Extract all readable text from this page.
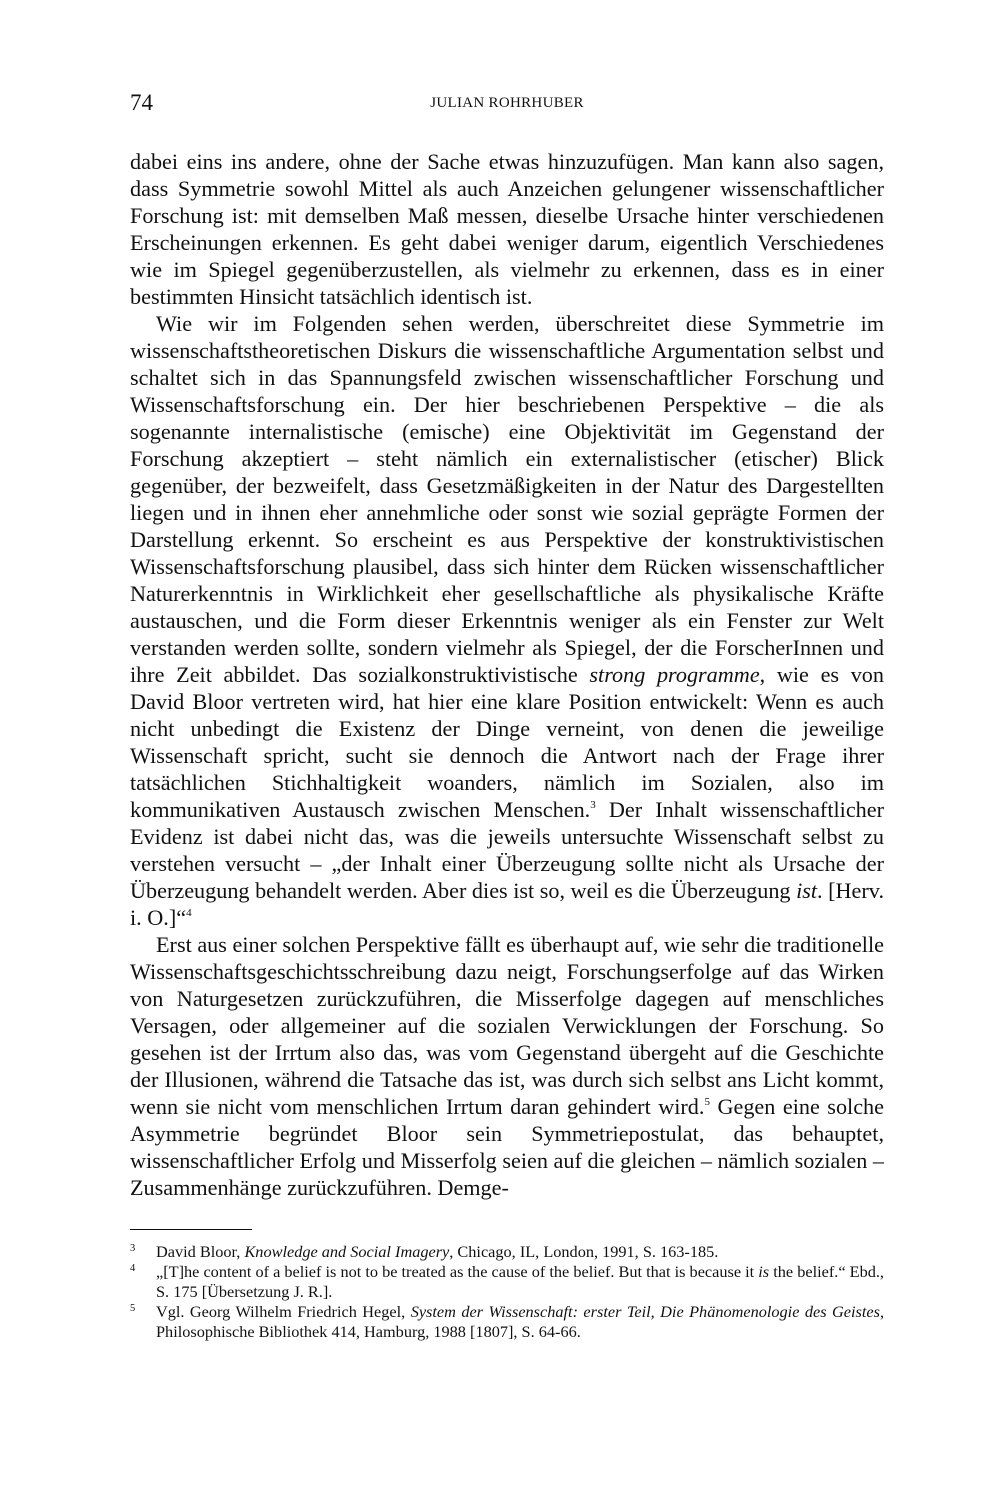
74	JULIAN ROHRHUBER

dabei eins ins andere, ohne der Sache etwas hinzuzufügen. Man kann also sagen, dass Symmetrie sowohl Mittel als auch Anzeichen gelungener wissenschaftlicher Forschung ist: mit demselben Maß messen, dieselbe Ursache hinter verschiedenen Erscheinungen erkennen. Es geht dabei weniger darum, eigentlich Verschiedenes wie im Spiegel gegenüberzustellen, als vielmehr zu erkennen, dass es in einer bestimmten Hinsicht tatsächlich identisch ist.

Wie wir im Folgenden sehen werden, überschreitet diese Symmetrie im wissenschaftstheoretischen Diskurs die wissenschaftliche Argumentation selbst und schaltet sich in das Spannungsfeld zwischen wissenschaftlicher Forschung und Wissenschaftsforschung ein. Der hier beschriebenen Perspektive – die als sogenannte internalistische (emische) eine Objektivität im Gegenstand der Forschung akzeptiert – steht nämlich ein externalistischer (etischer) Blick gegenüber, der bezweifelt, dass Gesetzmäßigkeiten in der Natur des Dargestellten liegen und in ihnen eher annehmliche oder sonst wie sozial geprägte Formen der Darstellung erkennt. So erscheint es aus Perspektive der konstruktivistischen Wissenschaftsforschung plausibel, dass sich hinter dem Rücken wissenschaftlicher Naturerkenntnis in Wirklichkeit eher gesellschaftliche als physikalische Kräfte austauschen, und die Form dieser Erkenntnis weniger als ein Fenster zur Welt verstanden werden sollte, sondern vielmehr als Spiegel, der die ForscherInnen und ihre Zeit abbildet. Das sozialkonstruktivistische strong programme, wie es von David Bloor vertreten wird, hat hier eine klare Position entwickelt: Wenn es auch nicht unbedingt die Existenz der Dinge verneint, von denen die jeweilige Wissenschaft spricht, sucht sie dennoch die Antwort nach der Frage ihrer tatsächlichen Stichhaltigkeit woanders, nämlich im Sozialen, also im kommunikativen Austausch zwischen Menschen.$^3$ Der Inhalt wissenschaftlicher Evidenz ist dabei nicht das, was die jeweils untersuchte Wissenschaft selbst zu verstehen versucht – „der Inhalt einer Überzeugung sollte nicht als Ursache der Überzeugung behandelt werden. Aber dies ist so, weil es die Überzeugung ist. [Herv. i. O.]“$^4$

Erst aus einer solchen Perspektive fällt es überhaupt auf, wie sehr die traditionelle Wissenschaftsgeschichtsschreibung dazu neigt, Forschungserfolge auf das Wirken von Naturgesetzen zurückzuführen, die Misserfolge dagegen auf menschliches Versagen, oder allgemeiner auf die sozialen Verwicklungen der Forschung. So gesehen ist der Irrtum also das, was vom Gegenstand übergeht auf die Geschichte der Illusionen, während die Tatsache das ist, was durch sich selbst ans Licht kommt, wenn sie nicht vom menschlichen Irrtum daran gehindert wird.$^5$ Gegen eine solche Asymmetrie begründet Bloor sein Symmetriepostulat, das behauptet, wissenschaftlicher Erfolg und Misserfolg seien auf die gleichen – nämlich sozialen – Zusammenhänge zurückzuführen. Demge-

3 David Bloor, Knowledge and Social Imagery, Chicago, IL, London, 1991, S. 163-185.
4 „[T]he content of a belief is not to be treated as the cause of the belief. But that is because it is the belief.“ Ebd., S. 175 [Übersetzung J. R.].
5 Vgl. Georg Wilhelm Friedrich Hegel, System der Wissenschaft: erster Teil, Die Phänomenologie des Geistes, Philosophische Bibliothek 414, Hamburg, 1988 [1807], S. 64-66.
